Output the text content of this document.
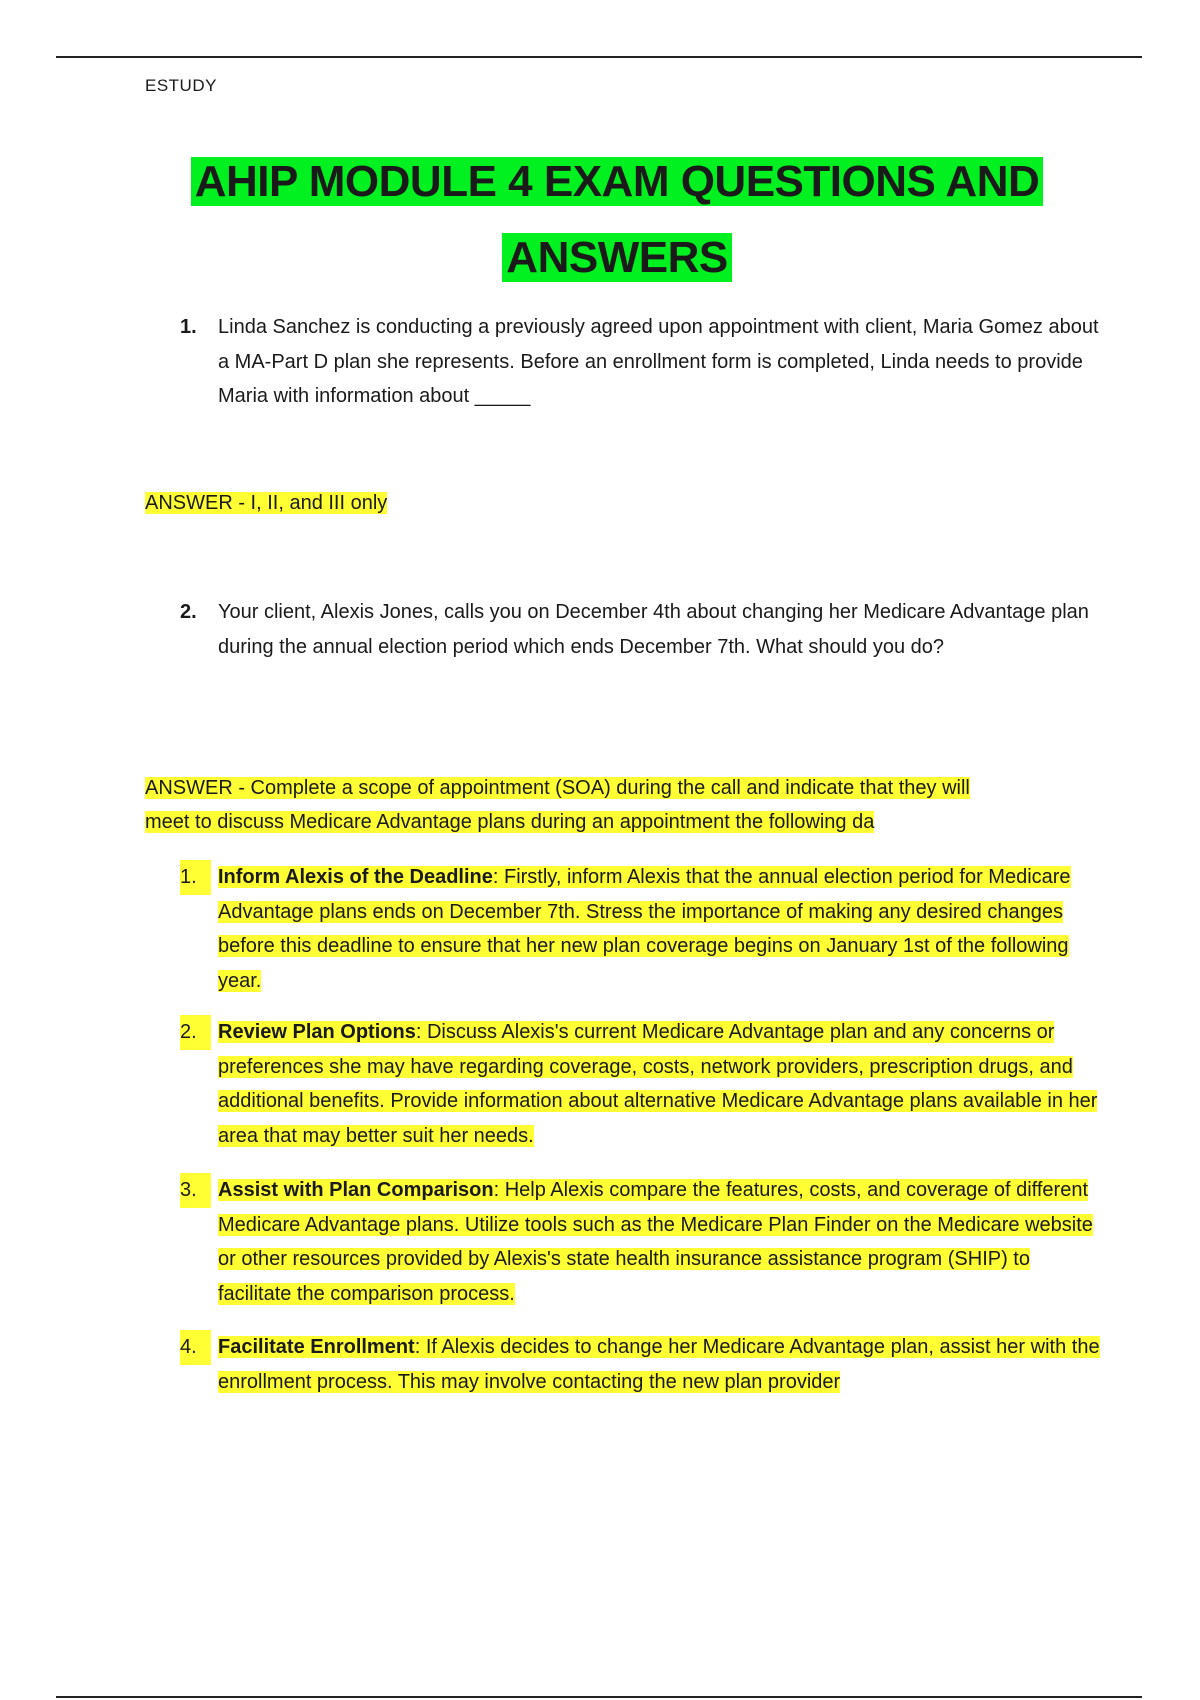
ESTUDY
AHIP MODULE 4 EXAM QUESTIONS AND
ANSWERS
1. Linda Sanchez is conducting a previously agreed upon appointment with client, Maria Gomez about a MA-Part D plan she represents. Before an enrollment form is completed, Linda needs to provide Maria with information about _____
ANSWER - I, II, and III only
2. Your client, Alexis Jones, calls you on December 4th about changing her Medicare Advantage plan during the annual election period which ends December 7th. What should you do?
ANSWER - Complete a scope of appointment (SOA) during the call and indicate that they will
meet to discuss Medicare Advantage plans during an appointment the following da
1.	Inform Alexis of the Deadline: Firstly, inform Alexis that the annual election period for Medicare Advantage plans ends on December 7th. Stress the importance of making any desired changes before this deadline to ensure that her new plan coverage begins on January 1st of the following year.
2.	Review Plan Options: Discuss Alexis's current Medicare Advantage plan and any concerns or preferences she may have regarding coverage, costs, network providers, prescription drugs, and additional benefits. Provide information about alternative Medicare Advantage plans available in her area that may better suit her needs.
3.	Assist with Plan Comparison: Help Alexis compare the features, costs, and coverage of different Medicare Advantage plans. Utilize tools such as the Medicare Plan Finder on the Medicare website or other resources provided by Alexis's state health insurance assistance program (SHIP) to facilitate the comparison process.
4.	Facilitate Enrollment: If Alexis decides to change her Medicare Advantage plan, assist her with the enrollment process. This may involve contacting the new plan provider
